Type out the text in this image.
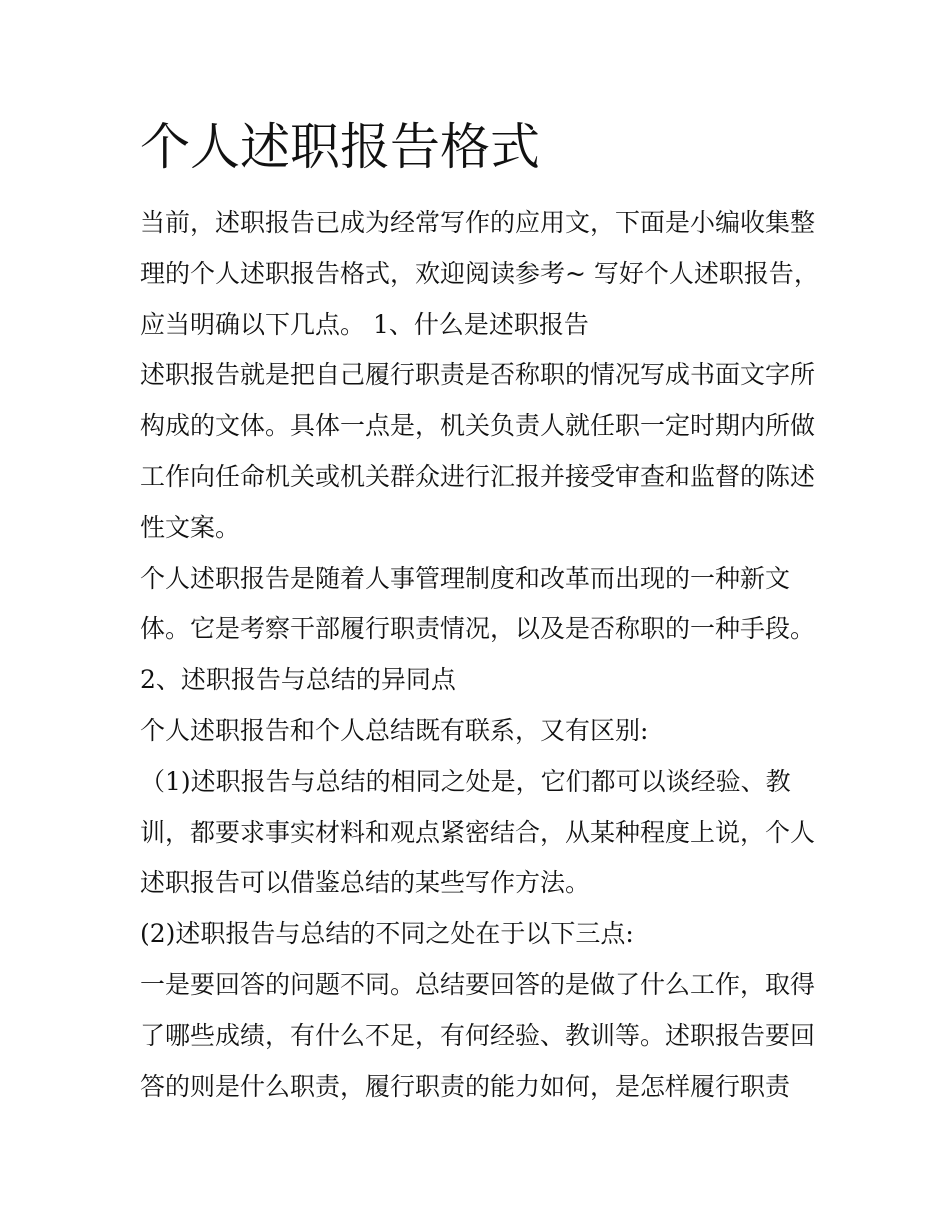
个人述职报告格式
当前，述职报告已成为经常写作的应用文，下面是小编收集整
理的个人述职报告格式，欢迎阅读参考~ 写好个人述职报告，
应当明确以下几点。 1、什么是述职报告
述职报告就是把自己履行职责是否称职的情况写成书面文字所
构成的文体。具体一点是，机关负责人就任职一定时期内所做
工作向任命机关或机关群众进行汇报并接受审查和监督的陈述
性文案。
个人述职报告是随着人事管理制度和改革而出现的一种新文
体。它是考察干部履行职责情况，以及是否称职的一种手段。
2、述职报告与总结的异同点
个人述职报告和个人总结既有联系，又有区别:
（1)述职报告与总结的相同之处是，它们都可以谈经验、教
训，都要求事实材料和观点紧密结合，从某种程度上说，个人
述职报告可以借鉴总结的某些写作方法。
(2)述职报告与总结的不同之处在于以下三点:
一是要回答的问题不同。总结要回答的是做了什么工作，取得
了哪些成绩，有什么不足，有何经验、教训等。述职报告要回
答的则是什么职责，履行职责的能力如何，是怎样履行职责
